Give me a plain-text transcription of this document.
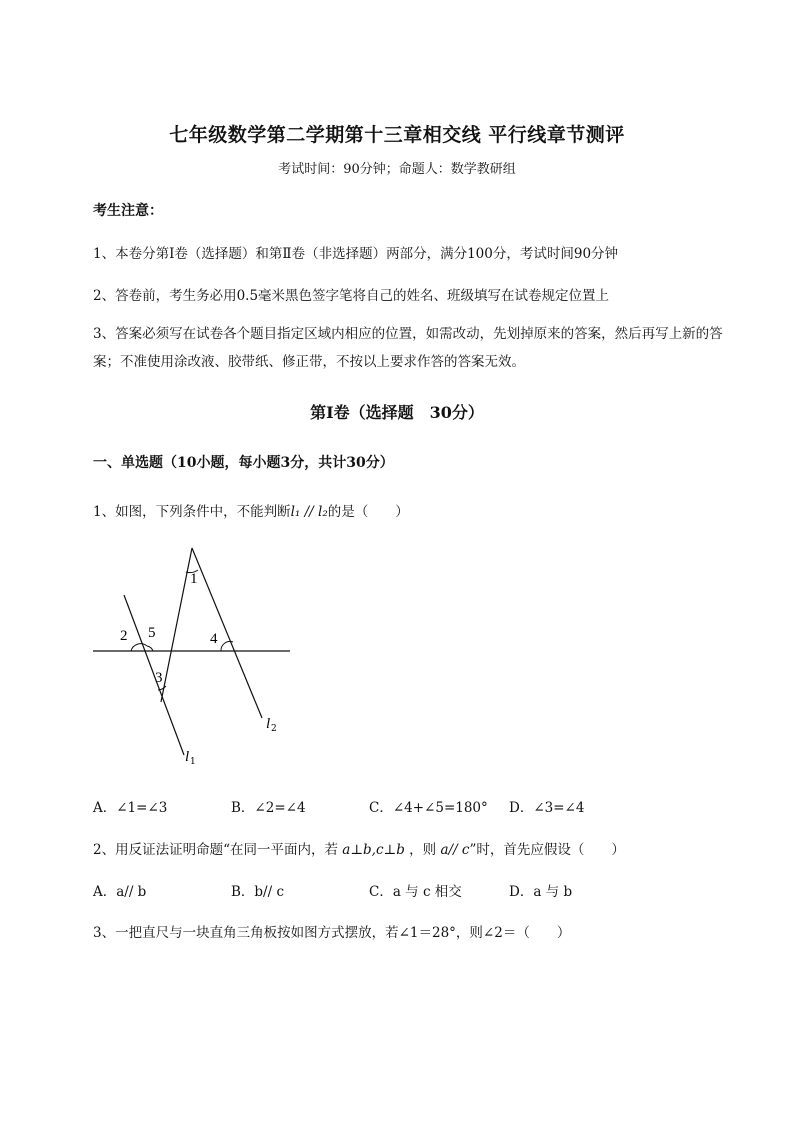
七年级数学第二学期第十三章相交线 平行线章节测评
考试时间：90分钟；命题人：数学教研组
考生注意：
1、本卷分第I卷（选择题）和第Ⅱ卷（非选择题）两部分，满分100分，考试时间90分钟
2、答卷前，考生务必用0.5毫米黑色签字笔将自己的姓名、班级填写在试卷规定位置上
3、答案必须写在试卷各个题目指定区域内相应的位置，如需改动，先划掉原来的答案，然后再写上新的答案；不准使用涂改液、胶带纸、修正带，不按以上要求作答的答案无效。
第I卷（选择题　30分）
一、单选题（10小题，每小题3分，共计30分）
1、如图，下列条件中，不能判断l₁ // l₂的是（　　）
1
2 5
3
4
l 2
l 1
A．∠1=∠3	B．∠2=∠4	C．∠4+∠5=180°	D．∠3=∠4
2、用反证法证明命题“在同一平面内，若 a⊥b,c⊥b ，则 a// c”时，首先应假设（　　）
A．a// b	B．b// c	C．a 与 c 相交	D．a 与 b
3、一把直尺与一块直角三角板按如图方式摆放，若∠1＝28°，则∠2＝（　　）
